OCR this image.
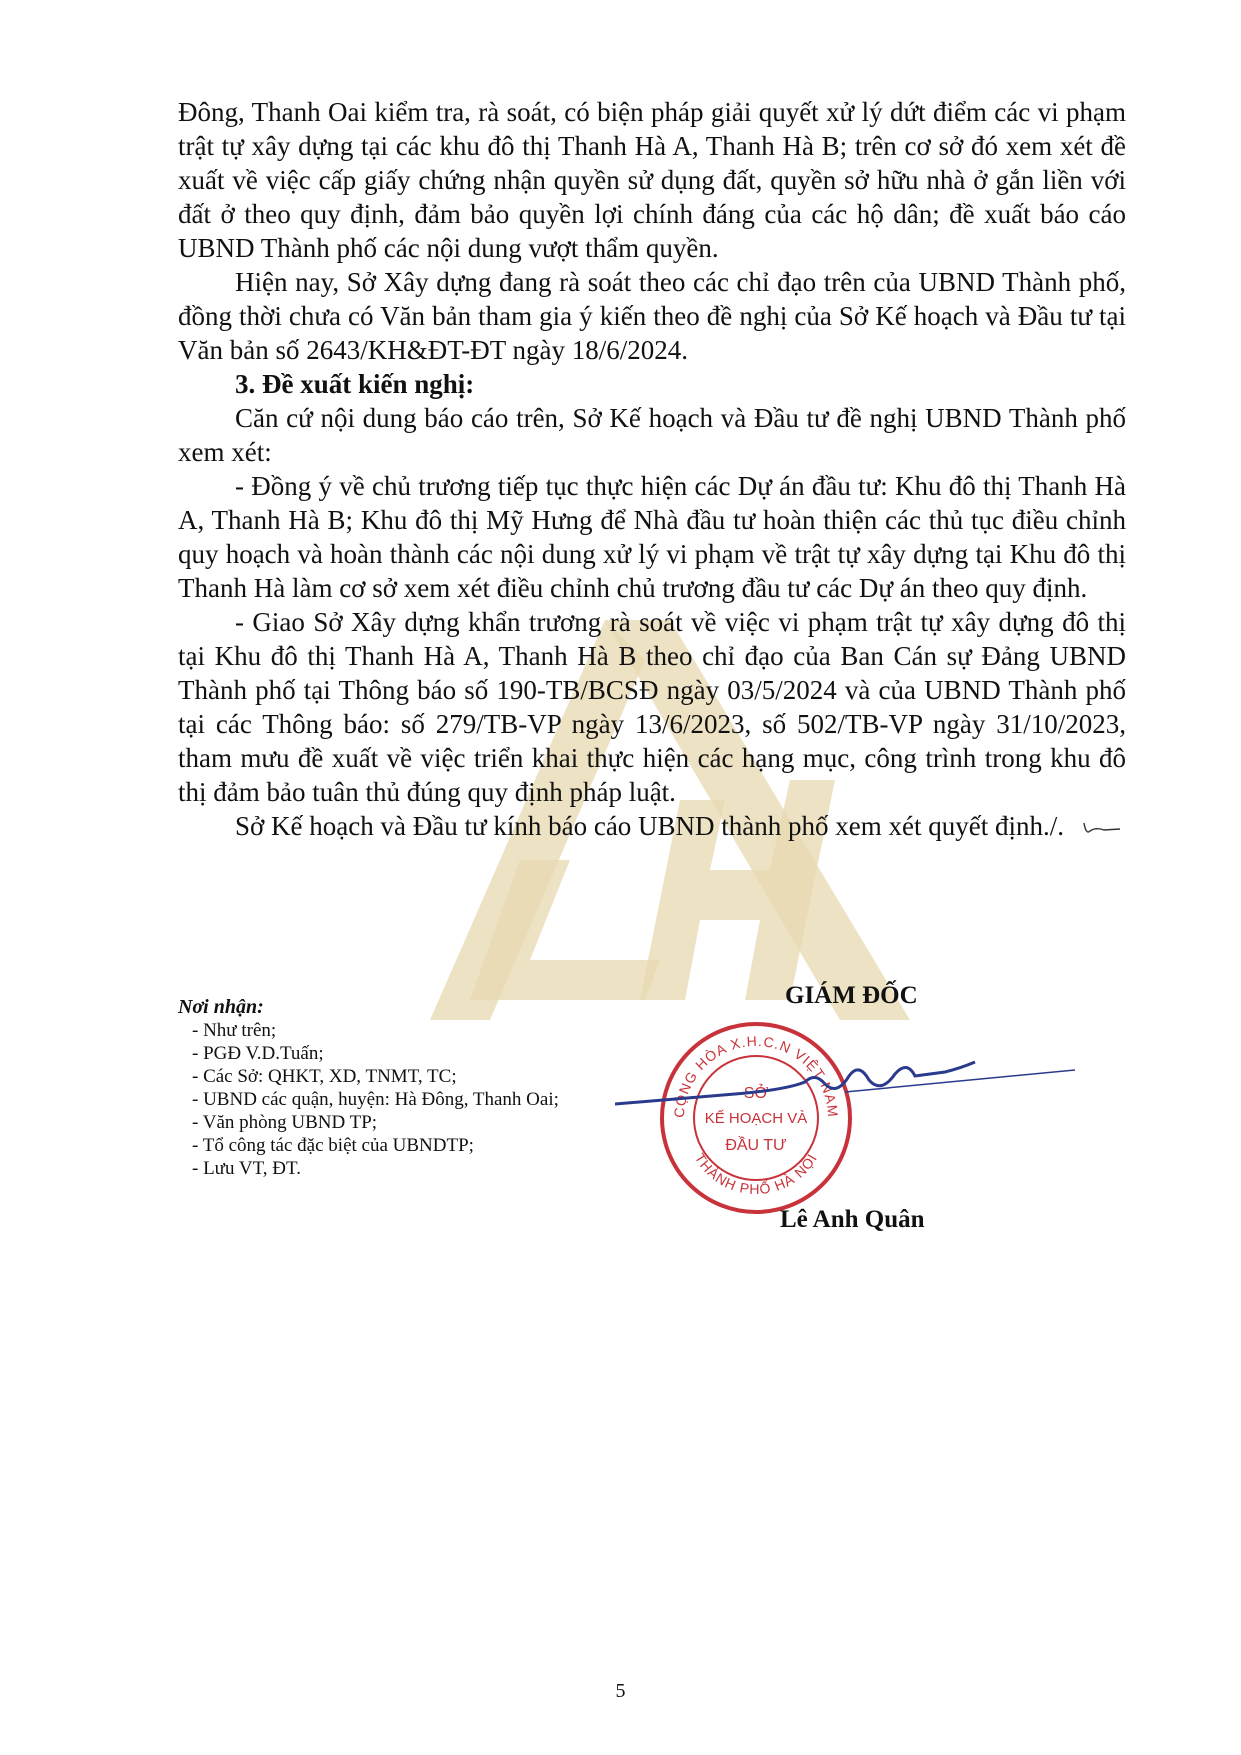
Đông, Thanh Oai kiểm tra, rà soát, có biện pháp giải quyết xử lý dứt điểm các vi phạm trật tự xây dựng tại các khu đô thị Thanh Hà A, Thanh Hà B; trên cơ sở đó xem xét đề xuất về việc cấp giấy chứng nhận quyền sử dụng đất, quyền sở hữu nhà ở gắn liền với đất ở theo quy định, đảm bảo quyền lợi chính đáng của các hộ dân; đề xuất báo cáo UBND Thành phố các nội dung vượt thẩm quyền.

Hiện nay, Sở Xây dựng đang rà soát theo các chỉ đạo trên của UBND Thành phố, đồng thời chưa có Văn bản tham gia ý kiến theo đề nghị của Sở Kế hoạch và Đầu tư tại Văn bản số 2643/KH&ĐT-ĐT ngày 18/6/2024.

3. Đề xuất kiến nghị:

Căn cứ nội dung báo cáo trên, Sở Kế hoạch và Đầu tư đề nghị UBND Thành phố xem xét:

- Đồng ý về chủ trương tiếp tục thực hiện các Dự án đầu tư: Khu đô thị Thanh Hà A, Thanh Hà B; Khu đô thị Mỹ Hưng để Nhà đầu tư hoàn thiện các thủ tục điều chỉnh quy hoạch và hoàn thành các nội dung xử lý vi phạm về trật tự xây dựng tại Khu đô thị Thanh Hà làm cơ sở xem xét điều chỉnh chủ trương đầu tư các Dự án theo quy định.

- Giao Sở Xây dựng khẩn trương rà soát về việc vi phạm trật tự xây dựng đô thị tại Khu đô thị Thanh Hà A, Thanh Hà B theo chỉ đạo của Ban Cán sự Đảng UBND Thành phố tại Thông báo số 190-TB/BCSĐ ngày 03/5/2024 và của UBND Thành phố tại các Thông báo: số 279/TB-VP ngày 13/6/2023, số 502/TB-VP ngày 31/10/2023, tham mưu đề xuất về việc triển khai thực hiện các hạng mục, công trình trong khu đô thị đảm bảo tuân thủ đúng quy định pháp luật.

Sở Kế hoạch và Đầu tư kính báo cáo UBND thành phố xem xét quyết định./.

Nơi nhận:
- Như trên;
- PGĐ V.D.Tuấn;
- Các Sở: QHKT, XD, TNMT, TC;
- UBND các quận, huyện: Hà Đông, Thanh Oai;
- Văn phòng UBND TP;
- Tổ công tác đặc biệt của UBNDTP;
- Lưu VT, ĐT.
GIÁM ĐỐC
CỘNG HÒA X.H.C.N VIỆT NAM
THÀNH PHỐ HÀ NỘI
SỞ
KẾ HOẠCH VÀ
ĐẦU TƯ
Lê Anh Quân
5
